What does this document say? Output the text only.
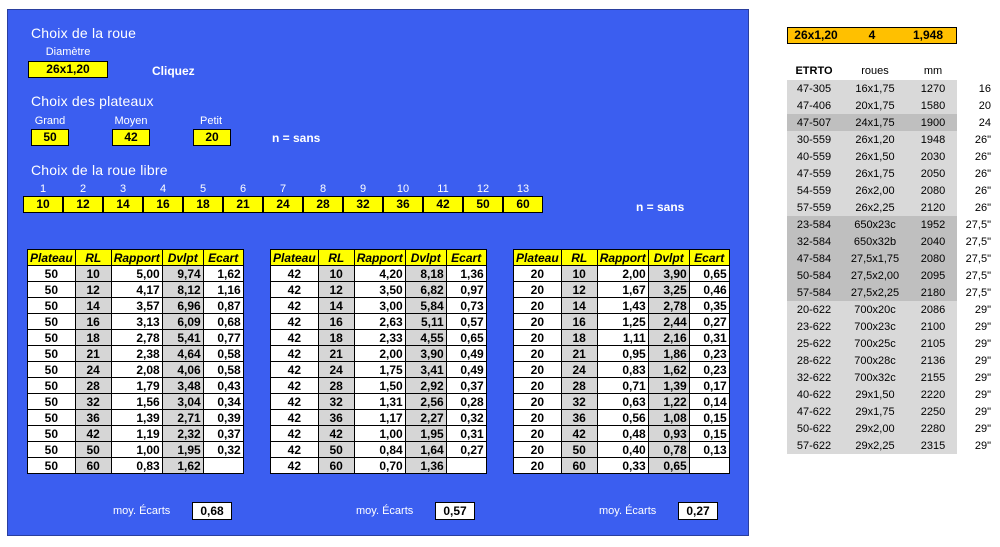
Choix de la roue
Diamètre
26x1,20	Cliquez
Choix des plateaux
Grand	Moyen	Petit
50	42	20	n = sans
Choix de la roue libre
1	2	3	4	5	6	7	8	9	10	11	12	13
10	12	14	16	18	21	24	28	32	36	42	50	60	n = sans
Plateau	RL	Rapport	Dvlpt	Ecart
50	10	5,00	9,74	1,62
50	12	4,17	8,12	1,16
50	14	3,57	6,96	0,87
50	16	3,13	6,09	0,68
50	18	2,78	5,41	0,77
50	21	2,38	4,64	0,58
50	24	2,08	4,06	0,58
50	28	1,79	3,48	0,43
50	32	1,56	3,04	0,34
50	36	1,39	2,71	0,39
50	42	1,19	2,32	0,37
50	50	1,00	1,95	0,32
50	60	0,83	1,62	
moy. Écarts	0,68
Plateau	RL	Rapport	Dvlpt	Ecart
42	10	4,20	8,18	1,36
42	12	3,50	6,82	0,97
42	14	3,00	5,84	0,73
42	16	2,63	5,11	0,57
42	18	2,33	4,55	0,65
42	21	2,00	3,90	0,49
42	24	1,75	3,41	0,49
42	28	1,50	2,92	0,37
42	32	1,31	2,56	0,28
42	36	1,17	2,27	0,32
42	42	1,00	1,95	0,31
42	50	0,84	1,64	0,27
42	60	0,70	1,36	
moy. Écarts	0,57
Plateau	RL	Rapport	Dvlpt	Ecart
20	10	2,00	3,90	0,65
20	12	1,67	3,25	0,46
20	14	1,43	2,78	0,35
20	16	1,25	2,44	0,27
20	18	1,11	2,16	0,31
20	21	0,95	1,86	0,23
20	24	0,83	1,62	0,23
20	28	0,71	1,39	0,17
20	32	0,63	1,22	0,14
20	36	0,56	1,08	0,15
20	42	0,48	0,93	0,15
20	50	0,40	0,78	0,13
20	60	0,33	0,65	
moy. Écarts	0,27
26x1,20	4	1,948
ETRTO	roues	mm	
47-305	16x1,75	1270	16
47-406	20x1,75	1580	20
47-507	24x1,75	1900	24
30-559	26x1,20	1948	26"
40-559	26x1,50	2030	26"
47-559	26x1,75	2050	26"
54-559	26x2,00	2080	26"
57-559	26x2,25	2120	26"
23-584	650x23c	1952	27,5"
32-584	650x32b	2040	27,5"
47-584	27,5x1,75	2080	27,5"
50-584	27,5x2,00	2095	27,5"
57-584	27,5x2,25	2180	27,5"
20-622	700x20c	2086	29"
23-622	700x23c	2100	29"
25-622	700x25c	2105	29"
28-622	700x28c	2136	29"
32-622	700x32c	2155	29"
40-622	29x1,50	2220	29"
47-622	29x1,75	2250	29"
50-622	29x2,00	2280	29"
57-622	29x2,25	2315	29"
